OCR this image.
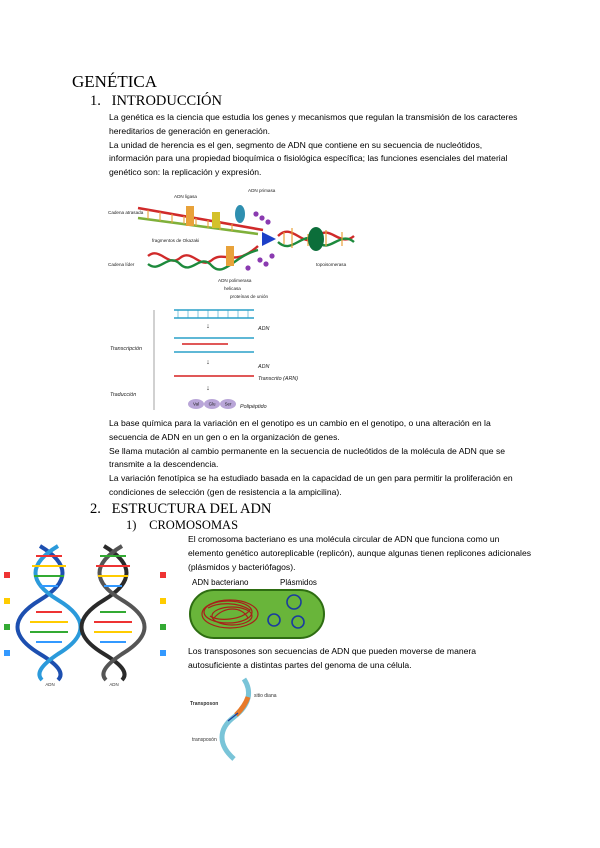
GENÉTICA
1. INTRODUCCIÓN

La genética es la ciencia que estudia los genes y mecanismos que regulan la transmisión de los caracteres hereditarios de generación en generación.

La unidad de herencia es el gen, segmento de ADN que contiene en su secuencia de nucleótidos, información para una propiedad bioquímica o fisiológica específica; las funciones esenciales del material genético son: la replicación y expresión.

Cadena atrasada
Cadena líder
ADN primasa
ADN ligasa
ADN polimerasa
fragmentos de Okazaki
topoisomerasa
helicasa
proteínas de unión
↓
↓
↓
Val Glu Ser
Transcripción
Traducción
ADN
ADN
Transcrito (ARN)
Polipéptido

La base química para la variación en el genotipo es un cambio en el genotipo, o una alteración en la secuencia de ADN en un gen o en la organización de genes.

Se llama mutación al cambio permanente en la secuencia de nucleótidos de la molécula de ADN que se transmite a la descendencia.

La variación fenotípica se ha estudiado basada en la capacidad de un gen para permitir la proliferación en condiciones de selección (gen de resistencia a la ampicilina).

2. ESTRUCTURA DEL ADN
1) CROMOSOMAS
ADN	ADN

El cromosoma bacteriano es una molécula circular de ADN que funciona como un elemento genético autoreplicable (replicón), aunque algunas tienen replicones adicionales (plásmidos y bacteriófagos).

ADN bacteriano	Plásmidos

Los transposones son secuencias de ADN que pueden moverse de manera autosuficiente a distintas partes del genoma de una célula.

Transposon
transposón
sitio diana
